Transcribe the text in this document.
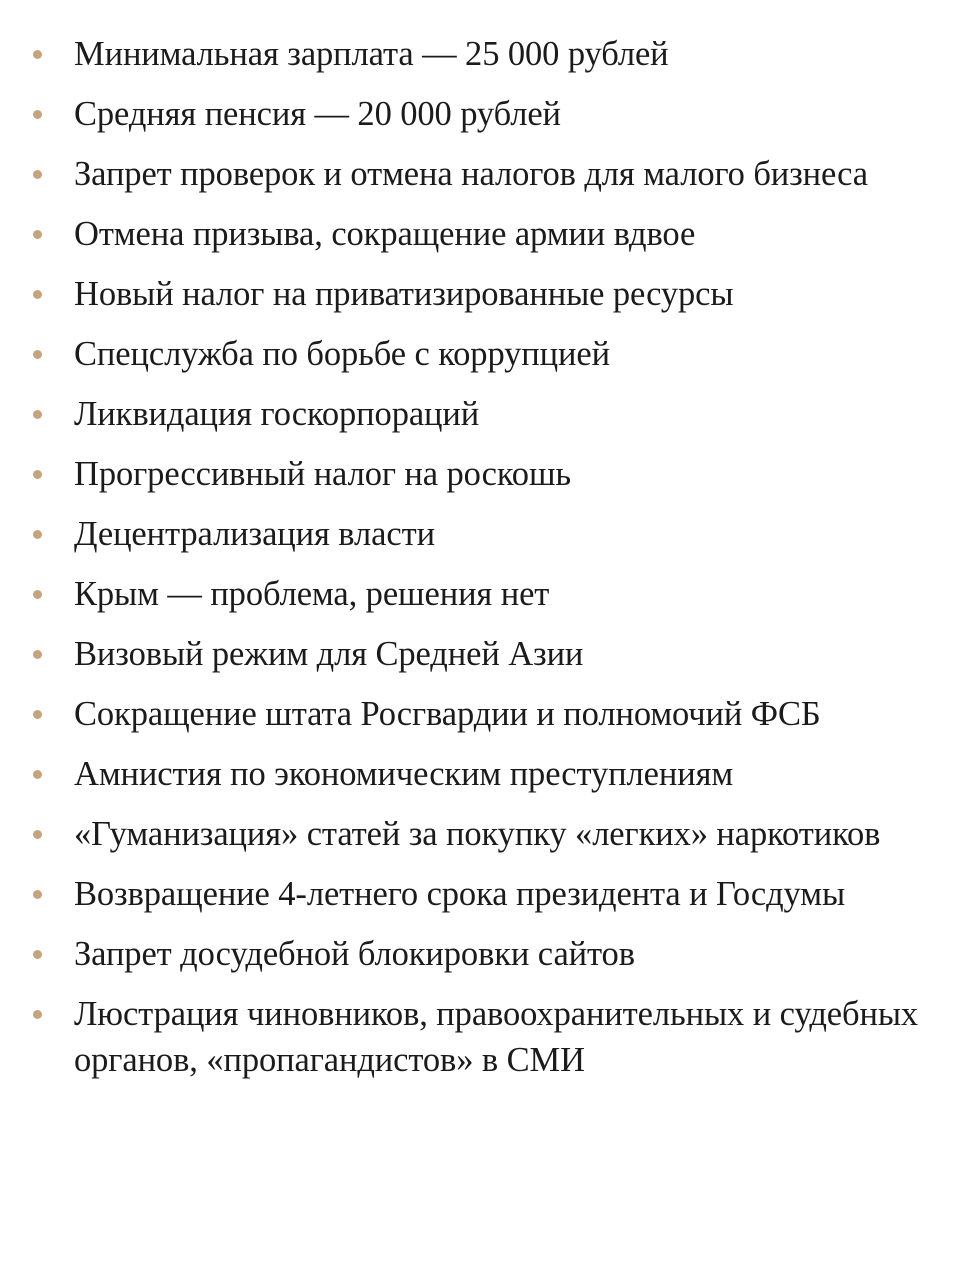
Минимальная зарплата — 25 000 рублей
Средняя пенсия — 20 000 рублей
Запрет проверок и отмена налогов для малого бизнеса
Отмена призыва, сокращение армии вдвое
Новый налог на приватизированные ресурсы
Спецслужба по борьбе с коррупцией
Ликвидация госкорпораций
Прогрессивный налог на роскошь
Децентрализация власти
Крым — проблема, решения нет
Визовый режим для Средней Азии
Сокращение штата Росгвардии и полномочий ФСБ
Амнистия по экономическим преступлениям
«Гуманизация» статей за покупку «легких» наркотиков
Возвращение 4-летнего срока президента и Госдумы
Запрет досудебной блокировки сайтов
Люстрация чиновников, правоохранительных и судебных органов, «пропагандистов» в СМИ
